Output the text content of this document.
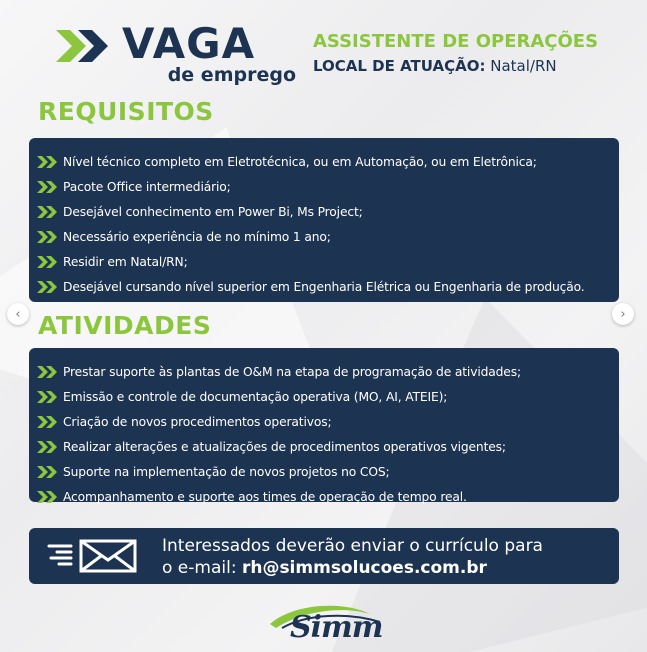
VAGA
de emprego
ASSISTENTE DE OPERAÇÕES
LOCAL DE ATUAÇÃO: Natal/RN
REQUISITOS
Nível técnico completo em Eletrotécnica, ou em Automação, ou em Eletrônica;
Pacote Office intermediário;
Desejável conhecimento em Power Bi, Ms Project;
Necessário experiência de no mínimo 1 ano;
Residir em Natal/RN;
Desejável cursando nível superior em Engenharia Elétrica ou Engenharia de produção.
‹	›
ATIVIDADES
Prestar suporte às plantas de O&M na etapa de programação de atividades;
Emissão e controle de documentação operativa (MO, AI, ATEIE);
Criação de novos procedimentos operativos;
Realizar alterações e atualizações de procedimentos operativos vigentes;
Suporte na implementação de novos projetos no COS;
Acompanhamento e suporte aos times de operação de tempo real.
Interessados deverão enviar o currículo para
o e-mail: rh@simmsolucoes.com.br
Simm
